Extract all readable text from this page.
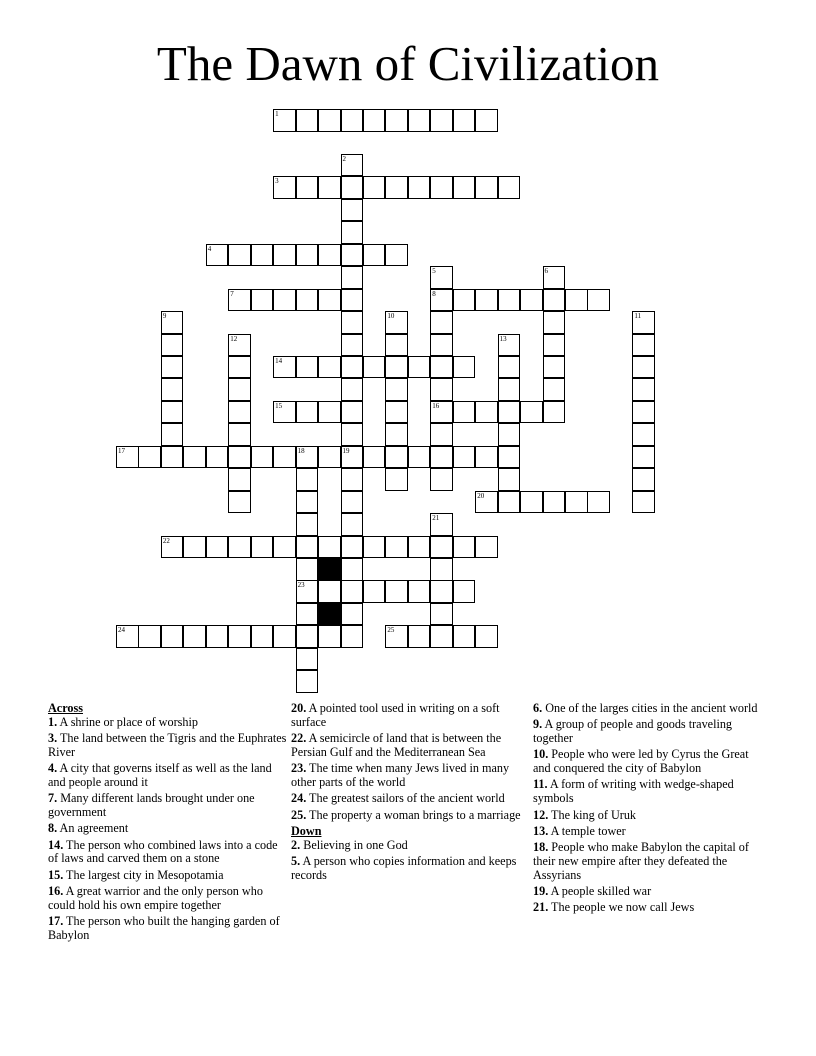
The Dawn of Civilization
1
3
4
7	8
14
15	16
17
20
22
23
24	25
2
5	6
9	10	11
12	13
18	19
21

Across

1. A shrine or place of worship

3. The land between the Tigris and the Euphrates River

4. A city that governs itself as well as the land and people around it

7. Many different lands brought under one government

8. An agreement

14. The person who combined laws into a code of laws and carved them on a stone

15. The largest city in Mesopotamia

16. A great warrior and the only person who could hold his own empire together

17. The person who built the hanging garden of Babylon

20. A pointed tool used in writing on a soft surface

22. A semicircle of land that is between the Persian Gulf and the Mediterranean Sea

23. The time when many Jews lived in many other parts of the world

24. The greatest sailors of the ancient world

25. The property a woman brings to a marriage

Down

2. Believing in one God

5. A person who copies information and keeps records

6. One of the larges cities in the ancient world

9. A group of people and goods traveling together

10. People who were led by Cyrus the Great and conquered the city of Babylon

11. A form of writing with wedge-shaped symbols

12. The king of Uruk

13. A temple tower

18. People who make Babylon the capital of their new empire after they defeated the Assyrians

19. A people skilled war

21. The people we now call Jews
